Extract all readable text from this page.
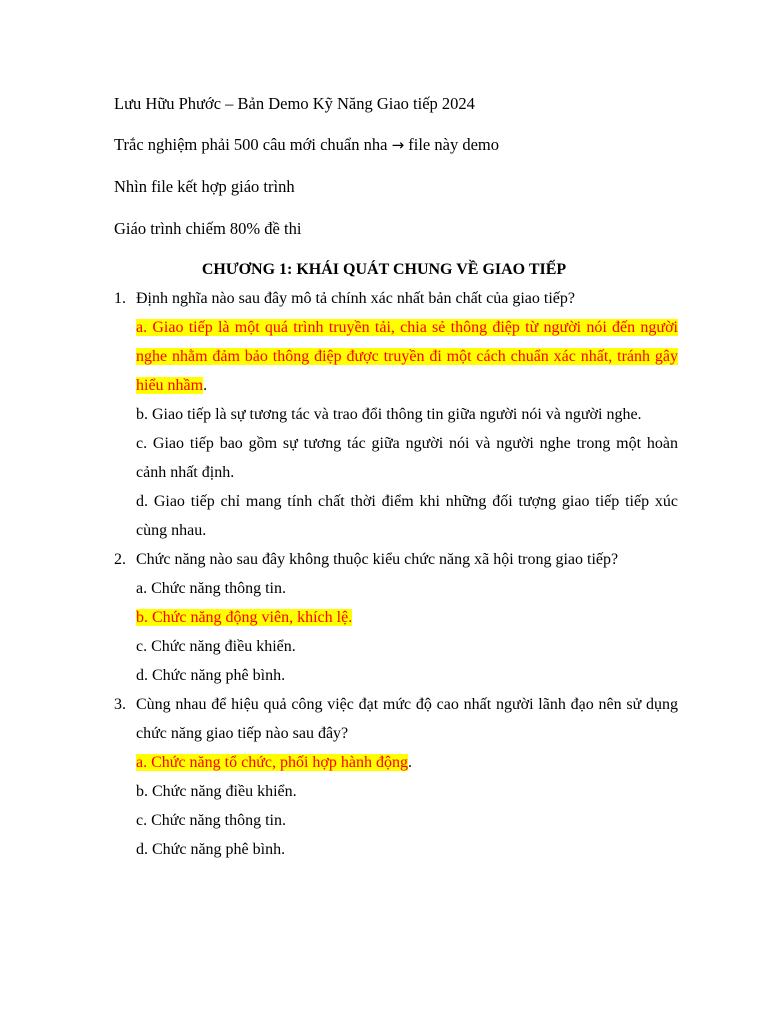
Lưu Hữu Phước – Bản Demo Kỹ Năng Giao tiếp 2024

Trắc nghiệm phải 500 câu mới chuẩn nha → file này demo

Nhìn file kết hợp giáo trình

Giáo trình chiếm 80% đề thi

CHƯƠNG 1: KHÁI QUÁT CHUNG VỀ GIAO TIẾP
1. Định nghĩa nào sau đây mô tả chính xác nhất bản chất của giao tiếp?
a. Giao tiếp là một quá trình truyền tải, chia sẻ thông điệp từ người nói đến người nghe nhằm đảm bảo thông điệp được truyền đi một cách chuẩn xác nhất, tránh gây hiểu nhầm.
b. Giao tiếp là sự tương tác và trao đổi thông tin giữa người nói và người nghe.
c. Giao tiếp bao gồm sự tương tác giữa người nói và người nghe trong một hoàn cảnh nhất định.
d. Giao tiếp chỉ mang tính chất thời điểm khi những đối tượng giao tiếp tiếp xúc cùng nhau.
2. Chức năng nào sau đây không thuộc kiểu chức năng xã hội trong giao tiếp?
a. Chức năng thông tin.
b. Chức năng động viên, khích lệ.
c. Chức năng điều khiển.
d. Chức năng phê bình.
3. Cùng nhau để hiệu quả công việc đạt mức độ cao nhất người lãnh đạo nên sử dụng chức năng giao tiếp nào sau đây?
a. Chức năng tổ chức, phối hợp hành động.
b. Chức năng điều khiển.
c. Chức năng thông tin.
d. Chức năng phê bình.
